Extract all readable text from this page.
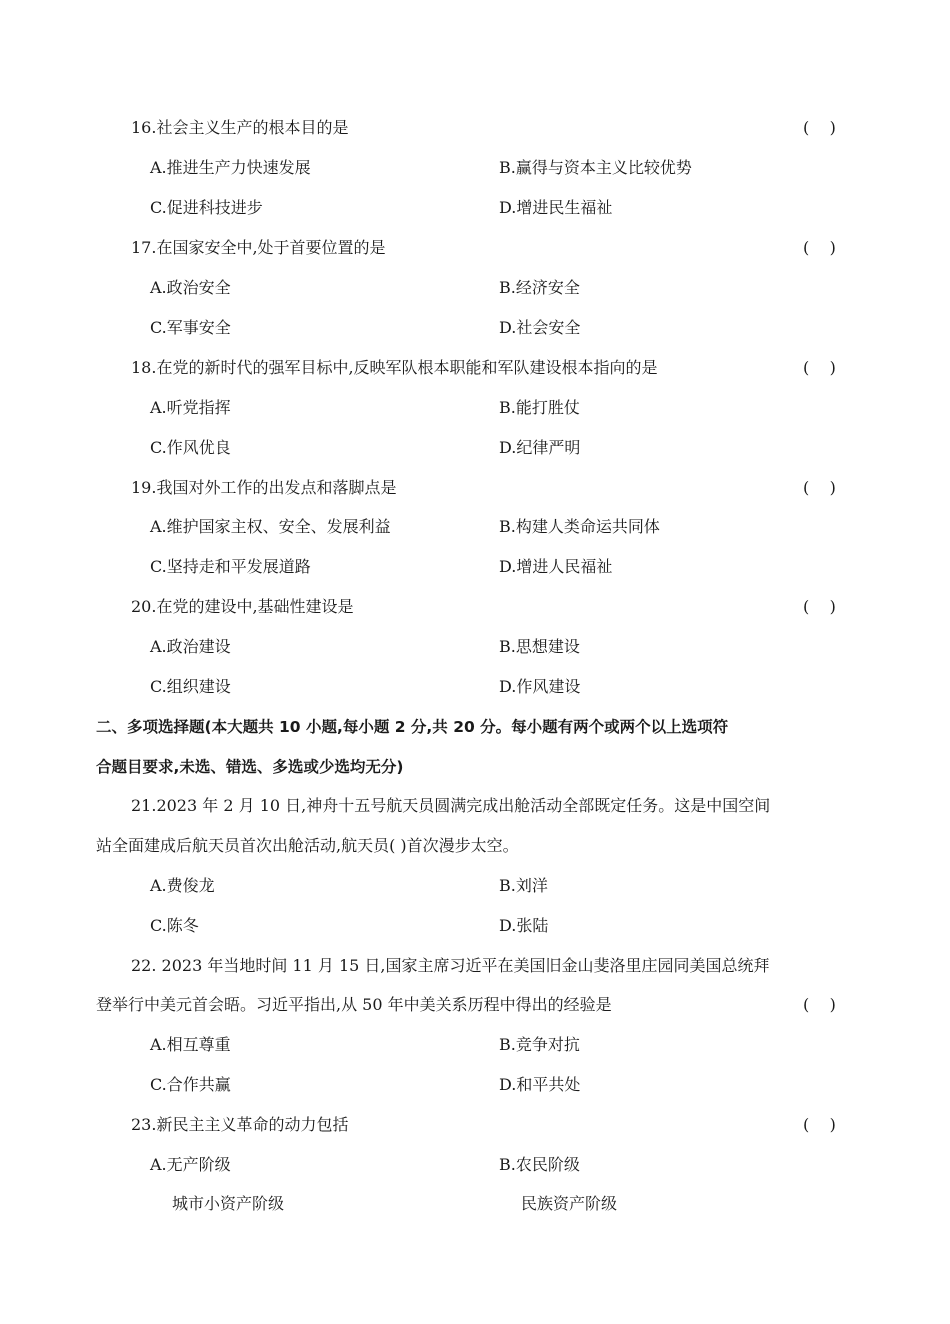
16.社会主义生产的根本目的是	(    )
A.推进生产力快速发展	B.赢得与资本主义比较优势
C.促进科技进步	D.增进民生福祉
17.在国家安全中,处于首要位置的是	(    )
A.政治安全	B.经济安全
C.军事安全	D.社会安全
18.在党的新时代的强军目标中,反映军队根本职能和军队建设根本指向的是	(    )
A.听党指挥	B.能打胜仗
C.作风优良	D.纪律严明
19.我国对外工作的出发点和落脚点是	(    )
A.维护国家主权、安全、发展利益	B.构建人类命运共同体
C.坚持走和平发展道路	D.增进人民福祉
20.在党的建设中,基础性建设是	(    )
A.政治建设	B.思想建设
C.组织建设	D.作风建设
二、多项选择题(本大题共 10 小题,每小题 2 分,共 20 分。每小题有两个或两个以上选项符
合题目要求,未选、错选、多选或少选均无分)
21.2023 年 2 月 10 日,神舟十五号航天员圆满完成出舱活动全部既定任务。这是中国空间
站全面建成后航天员首次出舱活动,航天员( )首次漫步太空。
A.费俊龙	B.刘洋
C.陈冬	D.张陆
22. 2023 年当地时间 11 月 15 日,国家主席习近平在美国旧金山斐洛里庄园同美国总统拜
登举行中美元首会晤。习近平指出,从 50 年中美关系历程中得出的经验是	(    )
A.相互尊重	B.竞争对抗
C.合作共赢	D.和平共处
23.新民主主义革命的动力包括	(    )
A.无产阶级	B.农民阶级
城市小资产阶级	民族资产阶级
